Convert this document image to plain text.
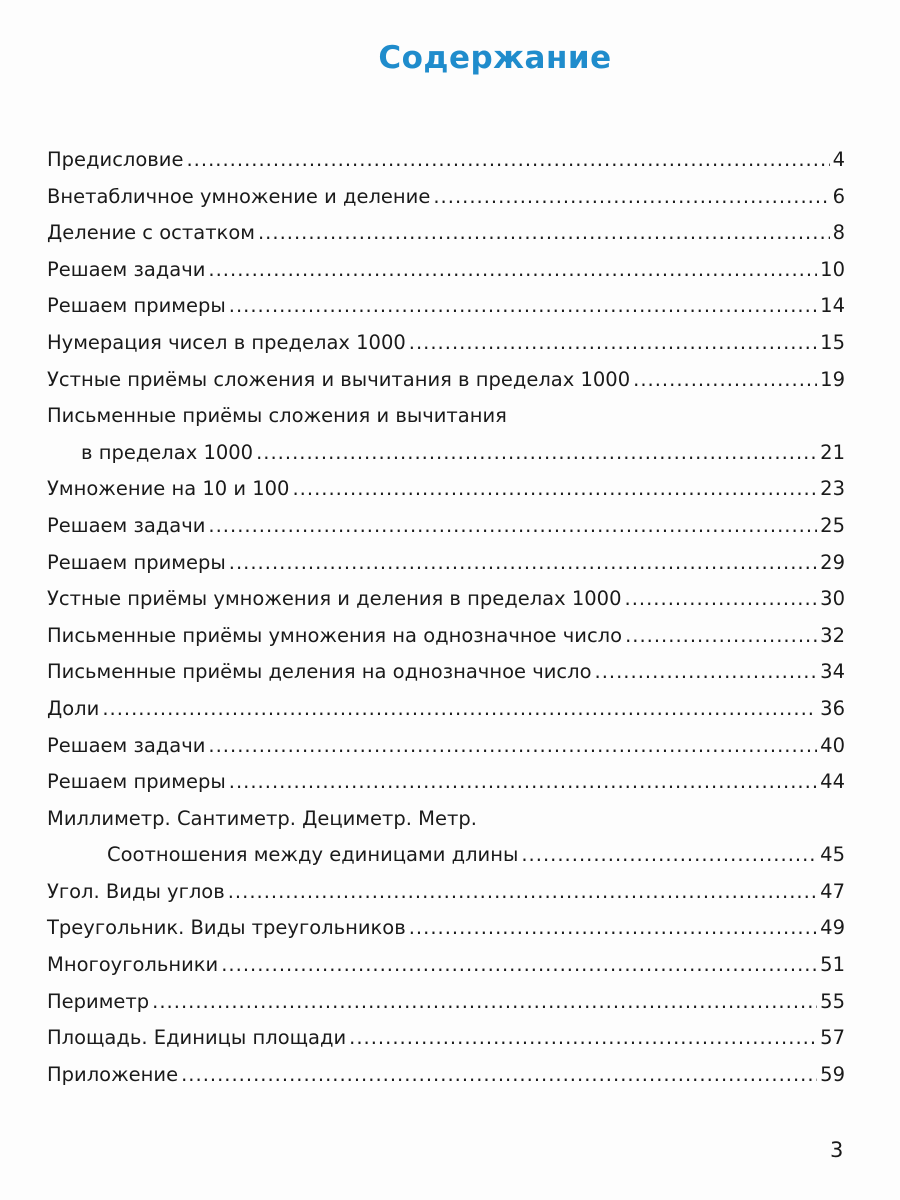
Содержание
Предисловие .....	4
Внетабличное умножение и деление .....	6
Деление с остатком .....	8
Решаем задачи .....	10
Решаем примеры .....	14
Нумерация чисел в пределах 1000 .....	15
Устные приёмы сложения и вычитания в пределах 1000 .....	19
Письменные приёмы сложения и вычитания
в пределах 1000 .....	21
Умножение на 10 и 100 .....	23
Решаем задачи .....	25
Решаем примеры .....	29
Устные приёмы умножения и деления в пределах 1000 .....	30
Письменные приёмы умножения на однозначное число .....	32
Письменные приёмы деления на однозначное число .....	34
Доли .....	36
Решаем задачи .....	40
Решаем примеры .....	44
Миллиметр. Сантиметр. Дециметр. Метр.
Соотношения между единицами длины .....	45
Угол. Виды углов .....	47
Треугольник. Виды треугольников .....	49
Многоугольники .....	51
Периметр .....	55
Площадь. Единицы площади .....	57
Приложение .....	59
3
